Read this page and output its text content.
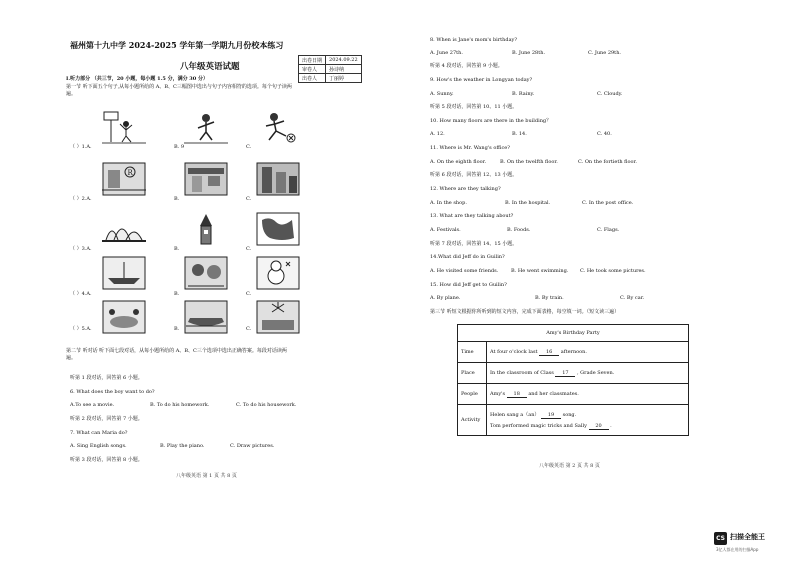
福州第十九中学 2024-2025 学年第一学期九月份校本练习
出卷日期	2024.09.22
审卷人	孙诗纳
出卷人	丁丽婷
八年级英语试题
Ⅰ.听力部分 （共三节，20 小题，每小题 1.5 分，满分 30 分）
第一节 听下面五个句子,从每小题所给的 A、B、C三幅图中选出与句子内容相符的选项。每个句子读两遍。
（ ）1.A.	B. 9	C.
（ ）2.A.	B.	C.
（ ）3.A.	B.	C.
（ ）4.A.	B.	C.
（ ）5.A.	B.	C.
R
第二节 听对话 听下面七段对话，从每小题所给的 A、B、C三个选项中选出正确答案。每段对话读两遍。
听第 1 段对话，回答第 6 小题。
6. What does the boy want to do?
A.To see a movie.	B. To do his homework.	C. To do his housework.
听第 2 段对话，回答第 7 小题。
7. What can Maria do?
A. Sing English songs.	B. Play the piano.	C. Draw pictures.
听第 3 段对话，回答第 8 小题。
八年级英语 第 1 页 共 8 页
8. When is Jane's mom's birthday?
A. June 27th.	B. June 28th.	C. June 29th.
听第 4 段对话，回答第 9 小题。
9. How's the weather in Longyan today?
A. Sunny.	B. Rainy.	C. Cloudy.
听第 5 段对话，回答第 10、11 小题。
10. How many floors are there in the building？
A. 12.	B. 14.	C. 40.
11. Where is Mr. Wang's office?
A. On the eighth floor.	B. On the twelfth floor.	C. On the fortieth floor.
听第 6 段对话，回答第 12、13 小题。
12. Where are they talking?
A. In the shop.	B. In the hospital.	C. In the post office.
13. What are they talking about?
A. Festivals.	B. Foods.	C. Flags.
听第 7 段对话，回答第 14、15 小题。
14.What did Jeff do in Guilin?
A. He visited some friends.	B. He went swimming. C. He took some pictures.
15. How did Jeff get to Guilin?
A. By plane.	B. By train.	C. By car.
第三节 听短文根据你所听到的短文内容，完成下面表格，每空填一词。（短文读三遍）
Amy's Birthday Party	
Time	At four o'clock last 16 afternoon.
Place	In the classroom of Class 17 , Grade Seven.
People	Amy's 18 and her classmates.
Activity	Helen sang a（an） 19 song.
Tom performed magic tricks and Sally 20 .
八年级英语 第 2 页 共 8 页
CS 扫描全能王
3亿人都在用的扫描App
